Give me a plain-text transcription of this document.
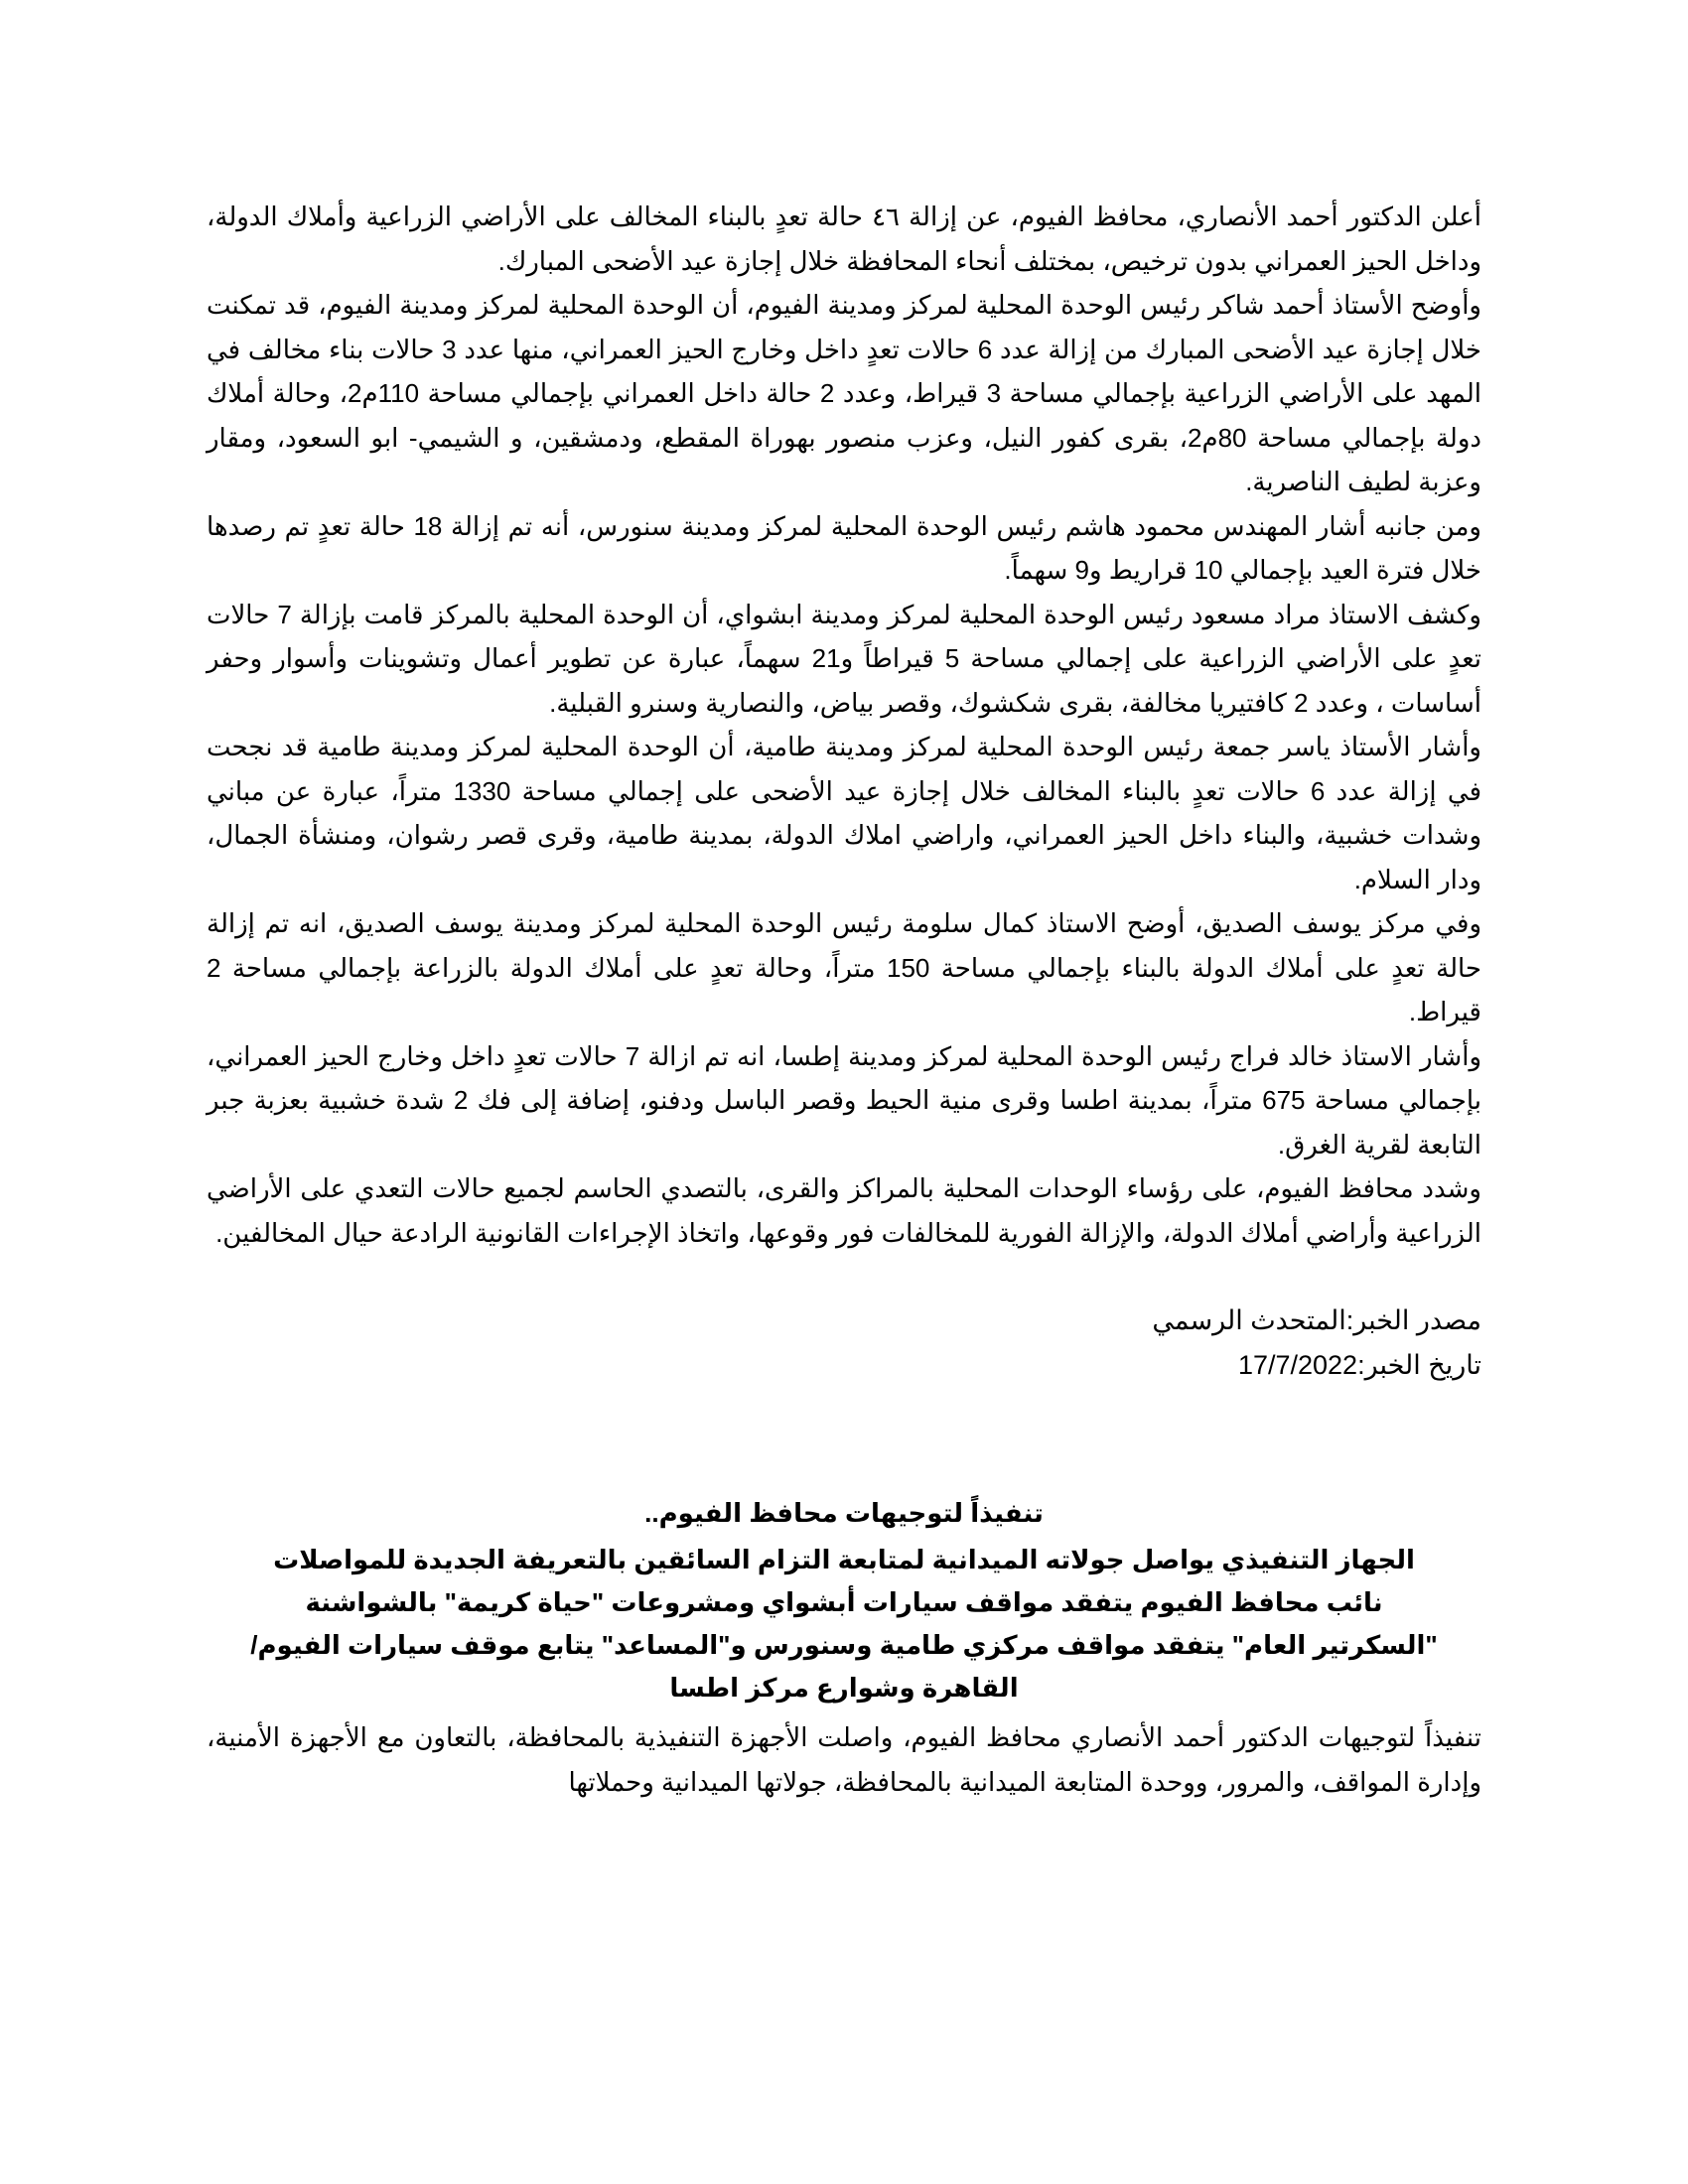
أعلن الدكتور أحمد الأنصاري، محافظ الفيوم، عن إزالة ٤٦ حالة تعدٍ بالبناء المخالف على الأراضي الزراعية وأملاك الدولة، وداخل الحيز العمراني بدون ترخيص، بمختلف أنحاء المحافظة خلال إجازة عيد الأضحى المبارك.

وأوضح الأستاذ أحمد شاكر رئيس الوحدة المحلية لمركز ومدينة الفيوم، أن الوحدة المحلية لمركز ومدينة الفيوم، قد تمكنت خلال إجازة عيد الأضحى المبارك من إزالة عدد 6 حالات تعدٍ داخل وخارج الحيز العمراني، منها عدد 3 حالات بناء مخالف في المهد على الأراضي الزراعية بإجمالي مساحة 3 قيراط، وعدد 2 حالة داخل العمراني بإجمالي مساحة 110م2، وحالة أملاك دولة بإجمالي مساحة 80م2، بقرى كفور النيل، وعزب منصور بهوراة المقطع، ودمشقين، و الشيمي- ابو السعود، ومقار وعزبة لطيف الناصرية.

ومن جانبه أشار المهندس محمود هاشم رئيس الوحدة المحلية لمركز ومدينة سنورس، أنه تم إزالة 18 حالة تعدٍ تم رصدها خلال فترة العيد بإجمالي 10 قراريط و9 سهماً.

وكشف الاستاذ مراد مسعود رئيس الوحدة المحلية لمركز ومدينة ابشواي، أن الوحدة المحلية بالمركز قامت بإزالة 7 حالات تعدٍ على الأراضي الزراعية على إجمالي مساحة 5 قيراطاً و21 سهماً، عبارة عن تطوير أعمال وتشوينات وأسوار وحفر أساسات ، وعدد 2 كافتيريا مخالفة، بقرى شكشوك، وقصر بياض، والنصارية وسنرو القبلية.

وأشار الأستاذ ياسر جمعة رئيس الوحدة المحلية لمركز ومدينة طامية، أن الوحدة المحلية لمركز ومدينة طامية قد نجحت في إزالة عدد 6 حالات تعدٍ بالبناء المخالف خلال إجازة عيد الأضحى على إجمالي مساحة 1330 متراً، عبارة عن مباني وشدات خشبية، والبناء داخل الحيز العمراني، واراضي املاك الدولة، بمدينة طامية، وقرى قصر رشوان، ومنشأة الجمال، ودار السلام.

وفي مركز يوسف الصديق، أوضح الاستاذ كمال سلومة رئيس الوحدة المحلية لمركز ومدينة يوسف الصديق، انه تم إزالة حالة تعدٍ على أملاك الدولة بالبناء بإجمالي مساحة 150 متراً، وحالة تعدٍ على أملاك الدولة بالزراعة بإجمالي مساحة 2 قيراط.

وأشار الاستاذ خالد فراج رئيس الوحدة المحلية لمركز ومدينة إطسا، انه تم ازالة 7 حالات تعدٍ داخل وخارج الحيز العمراني، بإجمالي مساحة 675 متراً، بمدينة اطسا وقرى منية الحيط وقصر الباسل ودفنو، إضافة إلى فك 2 شدة خشبية بعزبة جبر التابعة لقرية الغرق.

وشدد محافظ الفيوم، على رؤساء الوحدات المحلية بالمراكز والقرى، بالتصدي الحاسم لجميع حالات التعدي على الأراضي الزراعية وأراضي أملاك الدولة، والإزالة الفورية للمخالفات فور وقوعها، واتخاذ الإجراءات القانونية الرادعة حيال المخالفين.

مصدر الخبر:المتحدث الرسمي
تاريخ الخبر:17/7/2022

تنفيذاً لتوجيهات محافظ الفيوم..

الجهاز التنفيذي يواصل جولاته الميدانية لمتابعة التزام السائقين بالتعريفة الجديدة للمواصلات

نائب محافظ الفيوم يتفقد مواقف سيارات أبشواي ومشروعات "حياة كريمة" بالشواشنة

"السكرتير العام" يتفقد مواقف مركزي طامية وسنورس و"المساعد" يتابع موقف سيارات الفيوم/ القاهرة وشوارع مركز اطسا

تنفيذاً لتوجيهات الدكتور أحمد الأنصاري محافظ الفيوم، واصلت الأجهزة التنفيذية بالمحافظة، بالتعاون مع الأجهزة الأمنية، وإدارة المواقف، والمرور، ووحدة المتابعة الميدانية بالمحافظة، جولاتها الميدانية وحملاتها
